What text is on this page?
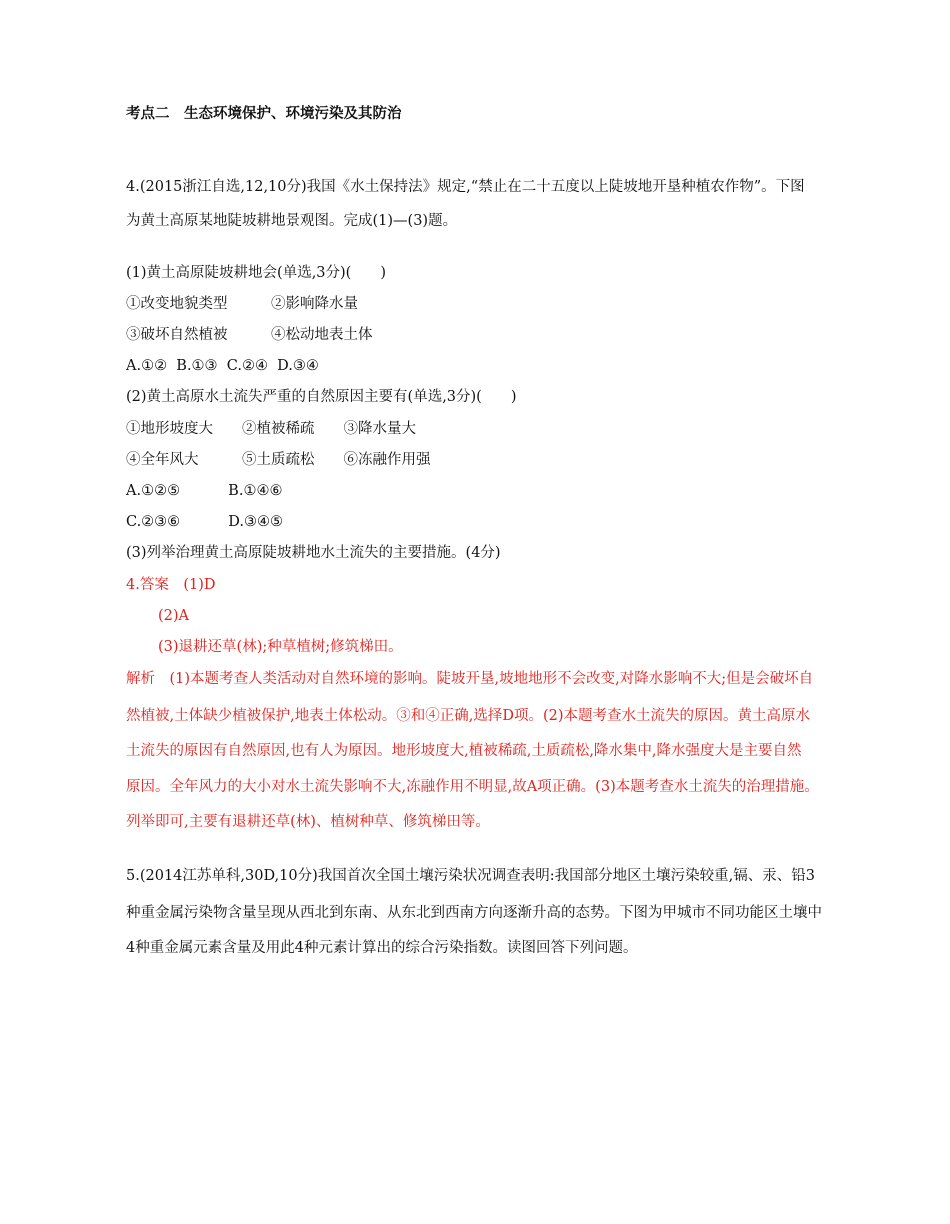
考点二　生态环境保护、环境污染及其防治
4.(2015浙江自选,12,10分)我国《水土保持法》规定,“禁止在二十五度以上陡坡地开垦种植农作物”。下图
为黄土高原某地陡坡耕地景观图。完成(1)—(3)题。
(1)黄土高原陡坡耕地会(单选,3分)(　　)
①改变地貌类型　　　②影响降水量
③破坏自然植被　　　④松动地表土体
A.①②  B.①③  C.②④  D.③④
(2)黄土高原水土流失严重的自然原因主要有(单选,3分)(　　)
①地形坡度大　　②植被稀疏　　③降水量大
④全年风大　　　⑤土质疏松　　⑥冻融作用强
A.①②⑤　　　 B.①④⑥
C.②③⑥　　　 D.③④⑤
(3)列举治理黄土高原陡坡耕地水土流失的主要措施。(4分)
4.答案　(1)D
(2)A
(3)退耕还草(林);种草植树;修筑梯田。
解析　(1)本题考查人类活动对自然环境的影响。陡坡开垦,坡地地形不会改变,对降水影响不大;但是会破坏自
然植被,土体缺少植被保护,地表土体松动。③和④正确,选择D项。(2)本题考查水土流失的原因。黄土高原水
土流失的原因有自然原因,也有人为原因。地形坡度大,植被稀疏,土质疏松,降水集中,降水强度大是主要自然
原因。全年风力的大小对水土流失影响不大,冻融作用不明显,故A项正确。(3)本题考查水土流失的治理措施。
列举即可,主要有退耕还草(林)、植树种草、修筑梯田等。
5.(2014江苏单科,30D,10分)我国首次全国土壤污染状况调查表明:我国部分地区土壤污染较重,镉、汞、铅3
种重金属污染物含量呈现从西北到东南、从东北到西南方向逐渐升高的态势。下图为甲城市不同功能区土壤中
4种重金属元素含量及用此4种元素计算出的综合污染指数。读图回答下列问题。
